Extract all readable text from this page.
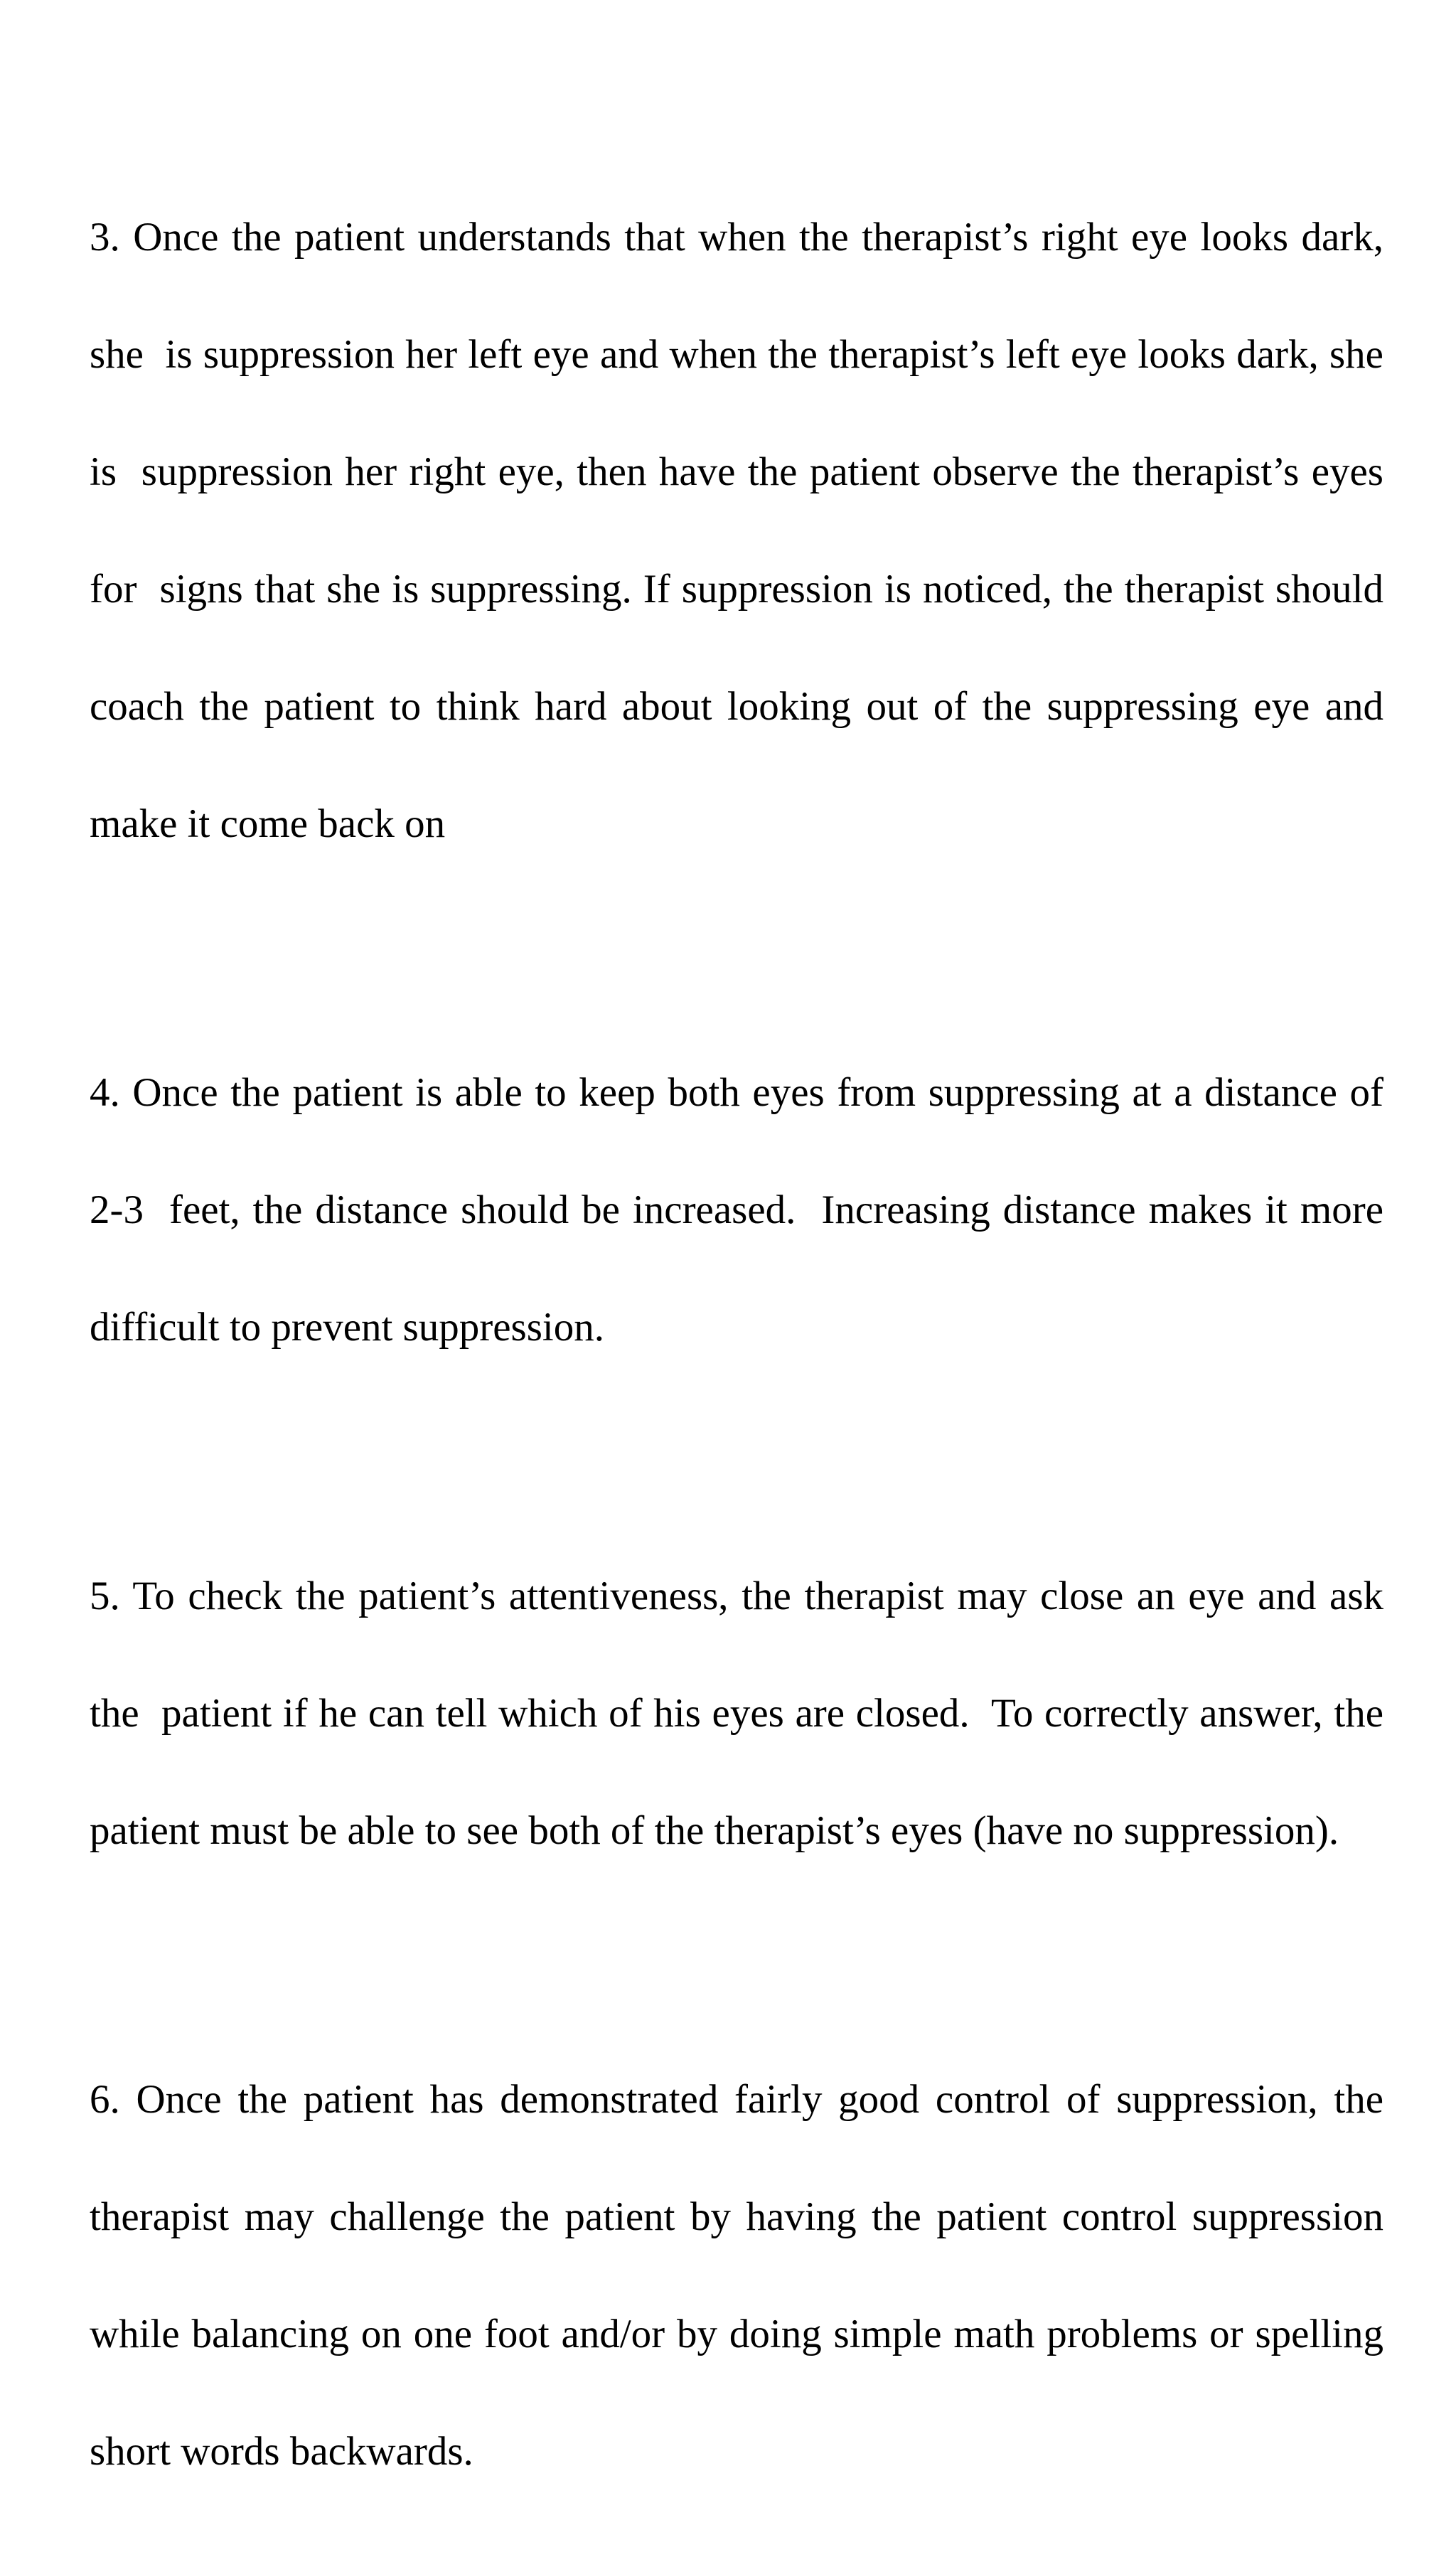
3. Once the patient understands that when the therapist’s right eye looks dark,

she  is suppression her left eye and when the therapist’s left eye looks dark, she

is  suppression her right eye, then have the patient observe the therapist’s eyes

for  signs that she is suppressing. If suppression is noticed, the therapist should

coach the patient to think hard about looking out of the suppressing eye and

make it come back on

4. Once the patient is able to keep both eyes from suppressing at a distance of

2-3  feet, the distance should be increased.  Increasing distance makes it more

difficult to prevent suppression.

5. To check the patient’s attentiveness, the therapist may close an eye and ask

the  patient if he can tell which of his eyes are closed.  To correctly answer, the

patient must be able to see both of the therapist’s eyes (have no suppression).

6. Once the patient has demonstrated fairly good control of suppression, the

therapist may challenge the patient by having the patient control suppression

while balancing on one foot and/or by doing simple math problems or spelling

short words backwards.
